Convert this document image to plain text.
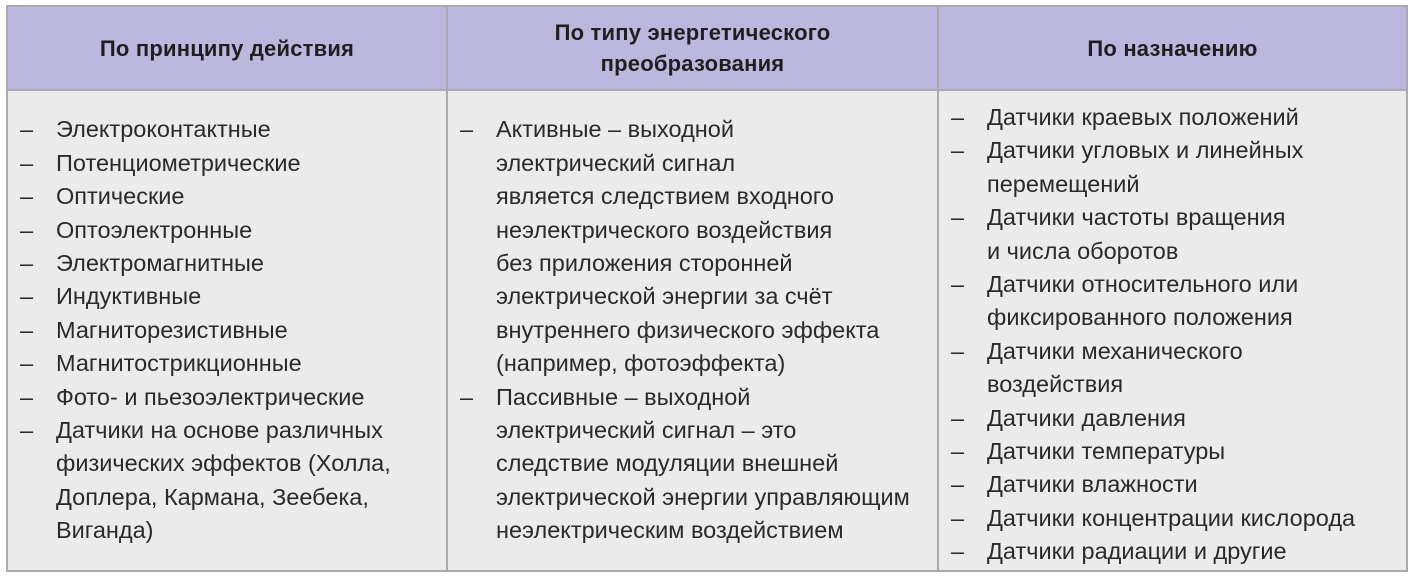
По принципу действия
По типу энергетического
преобразования
По назначению
– Электроконтактные
– Потенциометрические
– Оптические
– Оптоэлектронные
– Электромагнитные
– Индуктивные
– Магниторезистивные
– Магнитострикционные
– Фото- и пьезоэлектрические
– Датчики на основе различных
физических эффектов (Холла,
Доплера, Кармана, Зеебека,
Виганда)
– Активные – выходной
электрический сигнал
является следствием входного
неэлектрического воздействия
без приложения сторонней
электрической энергии за счёт
внутреннего физического эффекта
(например, фотоэффекта)
– Пассивные – выходной
электрический сигнал – это
следствие модуляции внешней
электрической энергии управляющим
неэлектрическим воздействием
– Датчики краевых положений
– Датчики угловых и линейных
перемещений
– Датчики частоты вращения
и числа оборотов
– Датчики относительного или
фиксированного положения
– Датчики механического
воздействия
– Датчики давления
– Датчики температуры
– Датчики влажности
– Датчики концентрации кислорода
– Датчики радиации и другие
